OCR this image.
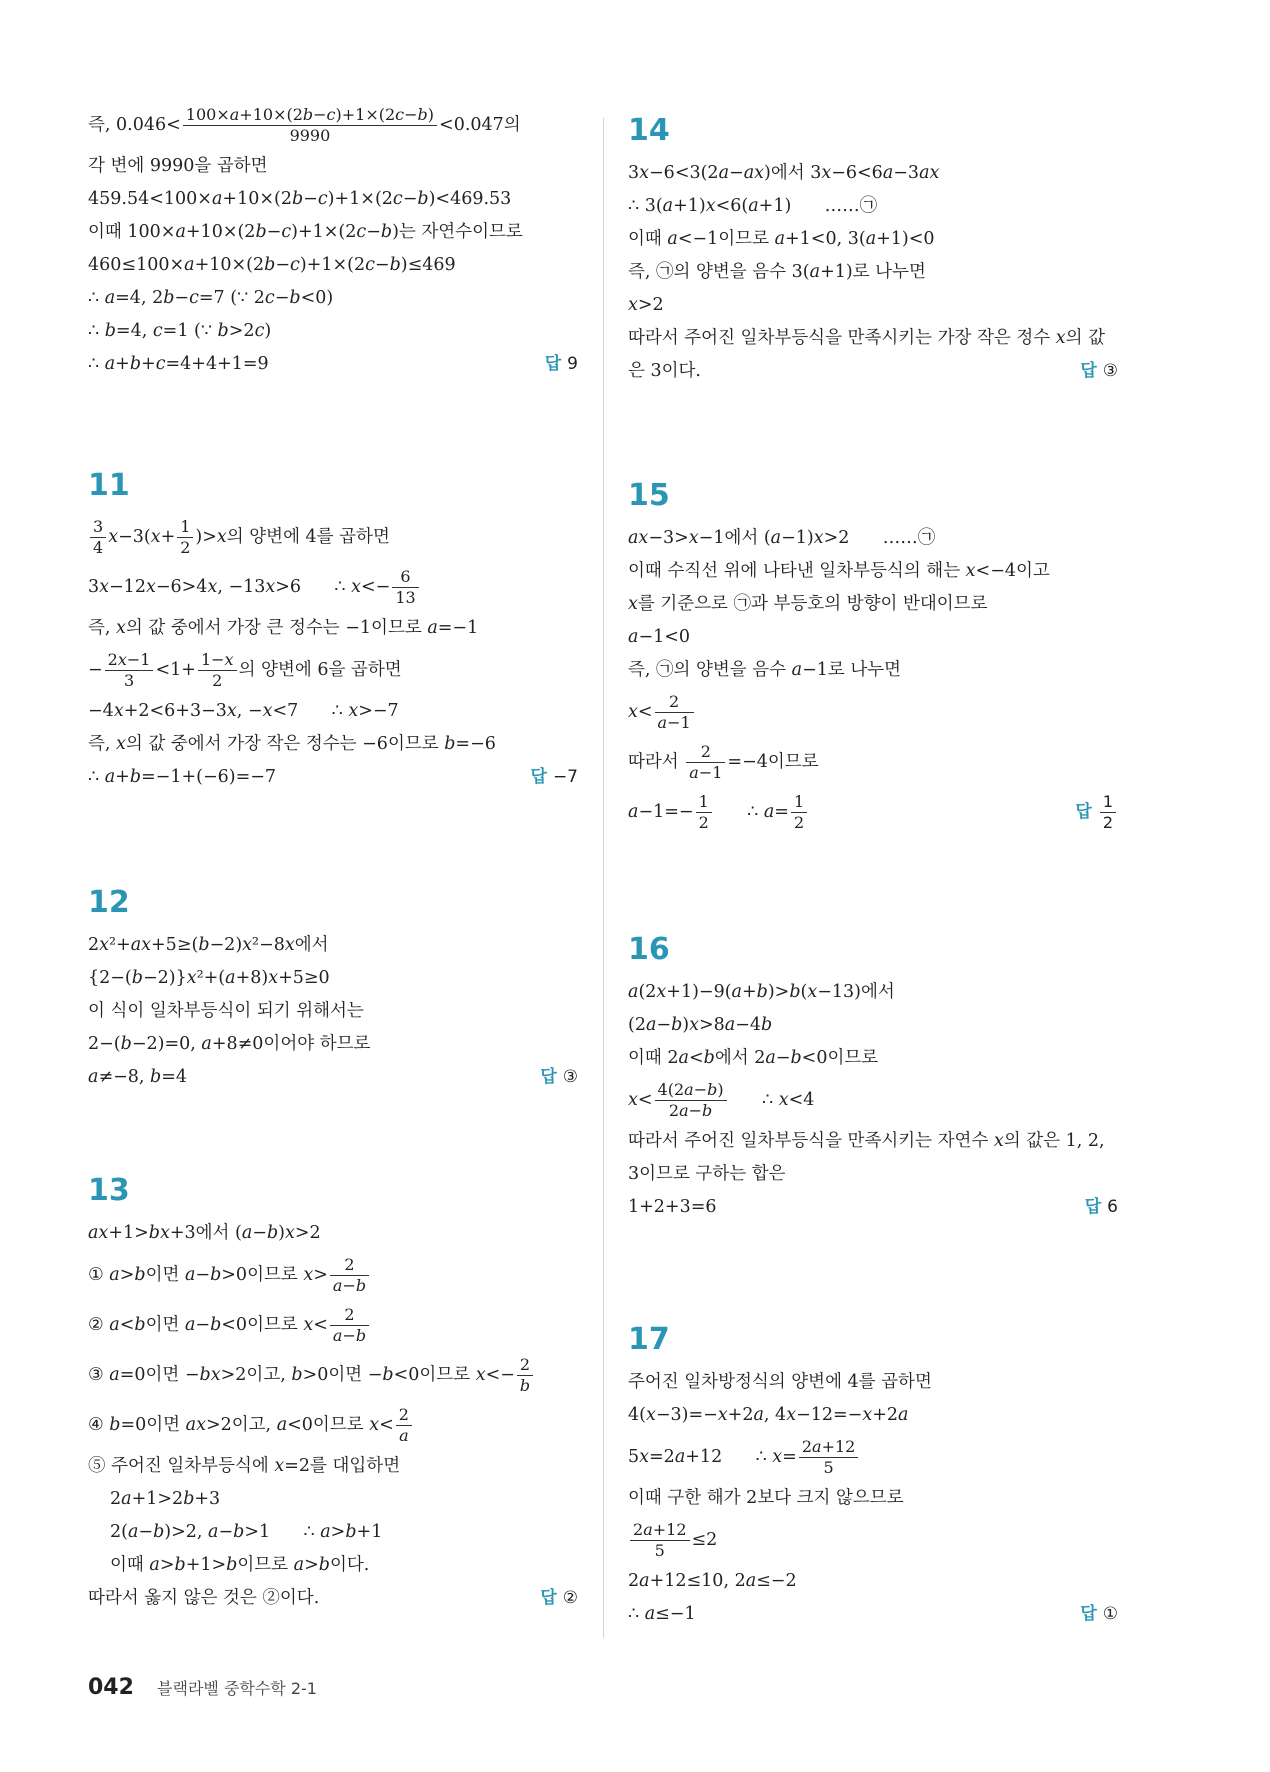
즉, $0.046< \frac{100\times a+10\times(2b-c)+1\times(2c-b)}{9990} <0.047$의
각 변에 9990을 곱하면
459.54<100×a+10×(2b−c)+1×(2c−b)<469.53
이때 100×a+10×(2b−c)+1×(2c−b)는 자연수이므로
460≤100×a+10×(2b−c)+1×(2c−b)≤469
∴ a=4, 2b−c=7 (∵ 2c−b<0)
∴ b=4, c=1 (∵ b>2c)
∴ a+b+c=4+4+1=9	답 9
11
$\frac{3}{4} x-3(x+ \frac{1}{2} )>x$의 양변에 4를 곱하면
3x−12x−6>4x, −13x>6      ∴ $x<- \frac{6}{13}$
즉, x의 값 중에서 가장 큰 정수는 −1이므로 a=−1
− $\frac{2x-1}{3} <1+ \frac{1-x}{2}$ 의 양변에 6을 곱하면
−4x+2<6+3−3x, −x<7      ∴ x>−7
즉, x의 값 중에서 가장 작은 정수는 −6이므로 b=−6
∴ a+b=−1+(−6)=−7	답 −7
12
2x²+ax+5≥(b−2)x²−8x에서
{2−(b−2)}x²+(a+8)x+5≥0
이 식이 일차부등식이 되기 위해서는
2−(b−2)=0, a+8≠0이어야 하므로
a≠−8, b=4	답 ③
13
ax+1>bx+3에서 (a−b)x>2
① a>b이면 a−b>0이므로 $x> \frac{2}{a-b}$
② a<b이면 a−b<0이므로 $x< \frac{2}{a-b}$
③ a=0이면 −bx>2이고, b>0이면 −b<0이므로 $x<- \frac{2}{b}$
④ b=0이면 ax>2이고, a<0이므로 $x< \frac{2}{a}$
⑤ 주어진 일차부등식에 x=2를 대입하면
2a+1>2b+3
2(a−b)>2, a−b>1      ∴ a>b+1
이때 a>b+1>b이므로 a>b이다.
따라서 옳지 않은 것은 ②이다.	답 ②
14
3x−6<3(2a−ax)에서 3x−6<6a−3ax
∴ 3(a+1)x<6(a+1)      ……㉠
이때 a<−1이므로 a+1<0, 3(a+1)<0
즉, ㉠의 양변을 음수 3(a+1)로 나누면
x>2
따라서 주어진 일차부등식을 만족시키는 가장 작은 정수 x의 값
은 3이다.	답 ③
15
ax−3>x−1에서 (a−1)x>2      ……㉠
이때 수직선 위에 나타낸 일차부등식의 해는 x<−4이고
x를 기준으로 ㉠과 부등호의 방향이 반대이므로
a−1<0
즉, ㉠의 양변을 음수 a−1로 나누면
$x< \frac{2}{a-1}$
따라서 $\frac{2}{a-1} =-4$이므로
$a-1=- \frac{1}{2}$ ∴ $a= \frac{1}{2}$	답 $\frac{1}{2}$
16
a(2x+1)−9(a+b)>b(x−13)에서
(2a−b)x>8a−4b
이때 2a<b에서 2a−b<0이므로
$x< \frac{4(2a-b)}{2a-b}$ ∴ x<4
따라서 주어진 일차부등식을 만족시키는 자연수 x의 값은 1, 2,
3이므로 구하는 합은
1+2+3=6	답 6
17
주어진 일차방정식의 양변에 4를 곱하면
4(x−3)=−x+2a, 4x−12=−x+2a
5x=2a+12      ∴ $x= \frac{2a+12}{5}$
이때 구한 해가 2보다 크지 않으므로
$\frac{2a+12}{5} \le 2$
2a+12≤10, 2a≤−2
∴ a≤−1	답 ①
042 블랙라벨 중학수학 2-1
